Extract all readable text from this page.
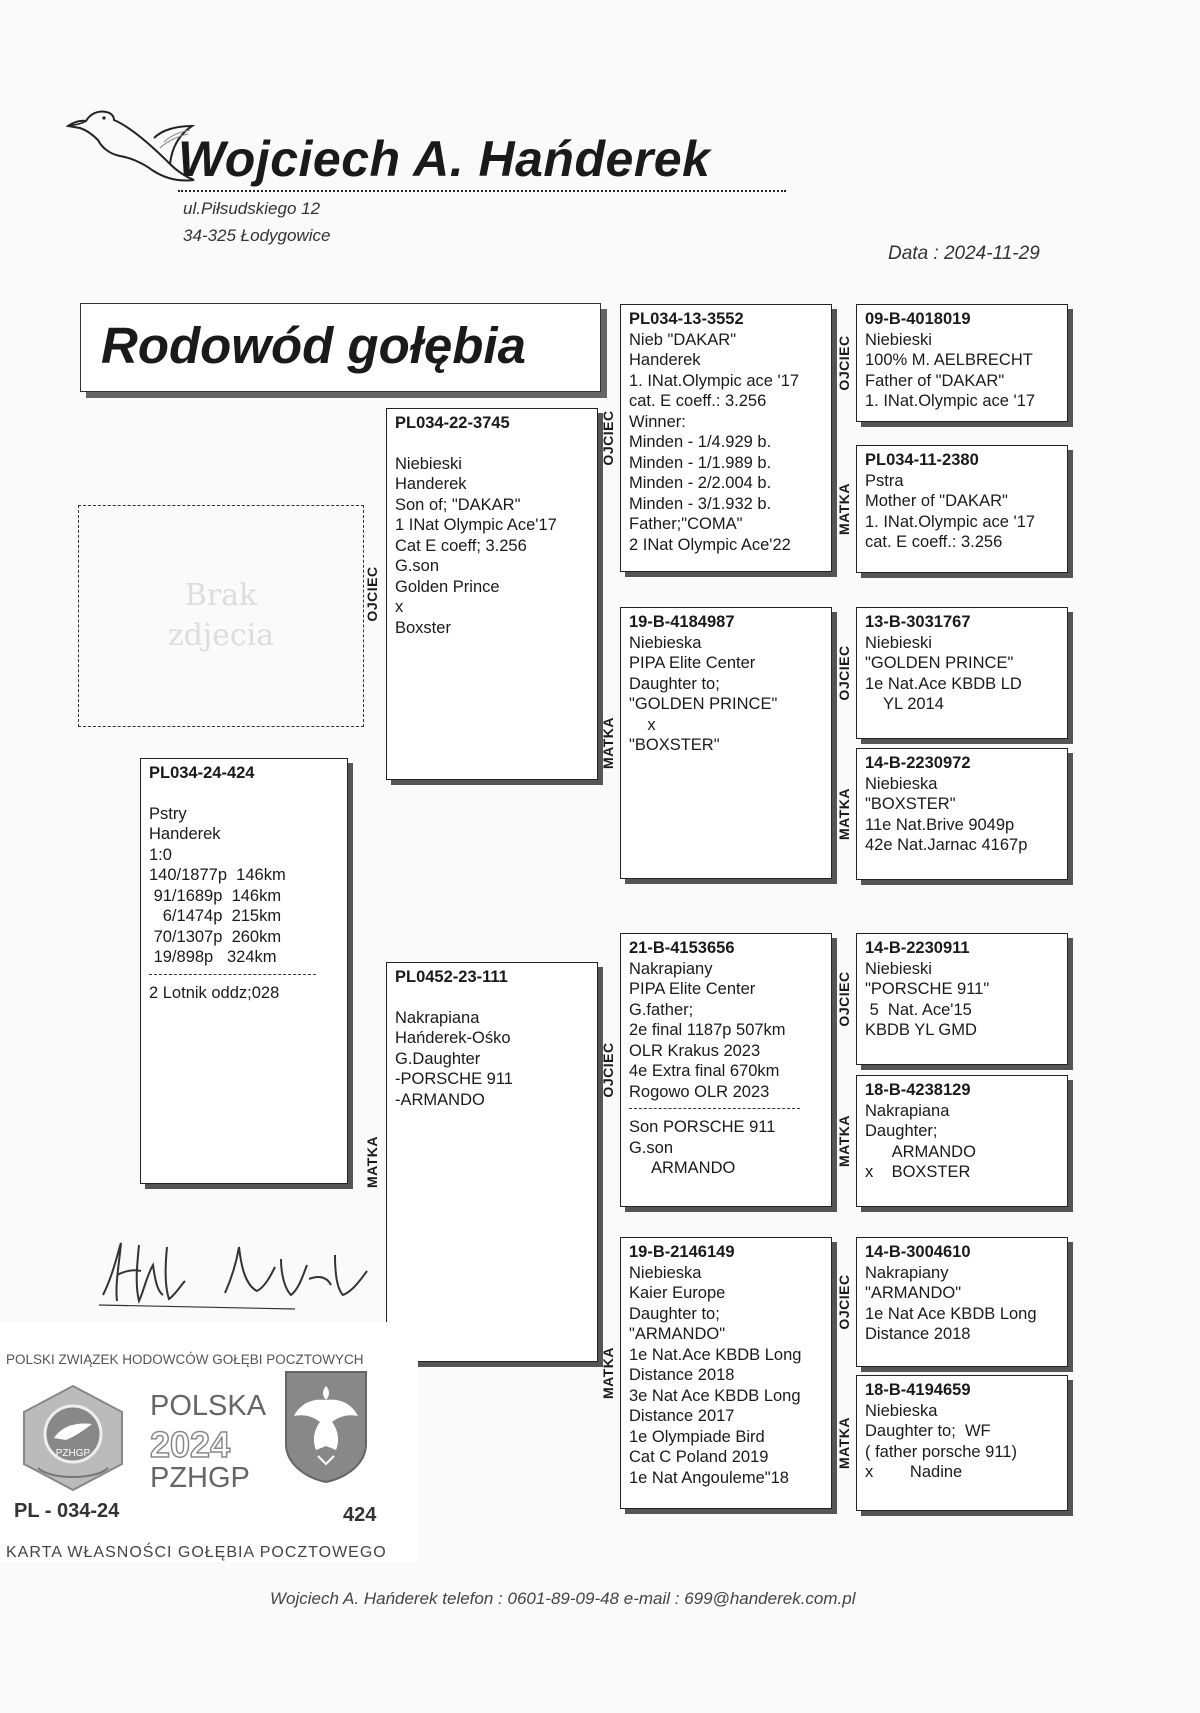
Wojciech A. Hańderek
ul.Piłsudskiego 12
34-325 Łodygowice
Data : 2024-11-29
Rodowód gołębia
Brak
zdjecia
PL034-24-424
Pstry
Handerek
1:0
140/1877p  146km
91/1689p  146km
6/1474p  215km
70/1307p  260km
19/898p   324km
2 Lotnik oddz;028
PL034-22-3745
Niebieski
Handerek
Son of; "DAKAR"
1 INat Olympic Ace'17
Cat E coeff; 3.256
G.son
Golden Prince
x
Boxster
OJCIEC
PL0452-23-111
Nakrapiana
Hańderek-Ośko
G.Daughter
-PORSCHE 911
-ARMANDO
MATKA
PL034-13-3552
Nieb "DAKAR"
Handerek
1. INat.Olympic ace '17
cat. E coeff.: 3.256
Winner:
Minden - 1/4.929 b.
Minden - 1/1.989 b.
Minden - 2/2.004 b.
Minden - 3/1.932 b.
Father;"COMA"
2 INat Olympic Ace'22
OJCIEC
19-B-4184987
Niebieska
PIPA Elite Center
Daughter to;
"GOLDEN PRINCE"
x
"BOXSTER"
MATKA
21-B-4153656
Nakrapiany
PIPA Elite Center
G.father;
2e final 1187p 507km
OLR Krakus 2023
4e Extra final 670km
Rogowo OLR 2023
Son PORSCHE 911
G.son
ARMANDO
OJCIEC
19-B-2146149
Niebieska
Kaier Europe
Daughter to;
"ARMANDO"
1e Nat.Ace KBDB Long
Distance 2018
3e Nat Ace KBDB Long
Distance 2017
1e Olympiade Bird
Cat C Poland 2019
1e Nat Angouleme"18
MATKA
09-B-4018019
Niebieski
100% M. AELBRECHT
Father of "DAKAR"
1. INat.Olympic ace '17
OJCIEC
PL034-11-2380
Pstra
Mother of "DAKAR"
1. INat.Olympic ace '17
cat. E coeff.: 3.256
MATKA
13-B-3031767
Niebieski
"GOLDEN PRINCE"
1e Nat.Ace KBDB LD
YL 2014
OJCIEC
14-B-2230972
Niebieska
"BOXSTER"
11e Nat.Brive 9049p
42e Nat.Jarnac 4167p
MATKA
14-B-2230911
Niebieski
"PORSCHE 911"
5  Nat. Ace'15
KBDB YL GMD
OJCIEC
18-B-4238129
Nakrapiana
Daughter;
ARMANDO
x    BOXSTER
MATKA
14-B-3004610
Nakrapiany
"ARMANDO"
1e Nat Ace KBDB Long
Distance 2018
OJCIEC
18-B-4194659
Niebieska
Daughter to;  WF
( father porsche 911)
x        Nadine
MATKA
POLSKI ZWIĄZEK HODOWCÓW GOŁĘBI POCZTOWYCH
PZHGP
POLSKA
2024
PZHGP
PL - 034-24	424
KARTA WŁASNOŚCI GOŁĘBIA POCZTOWEGO
Wojciech A. Hańderek telefon : 0601-89-09-48 e-mail : 699@handerek.com.pl
